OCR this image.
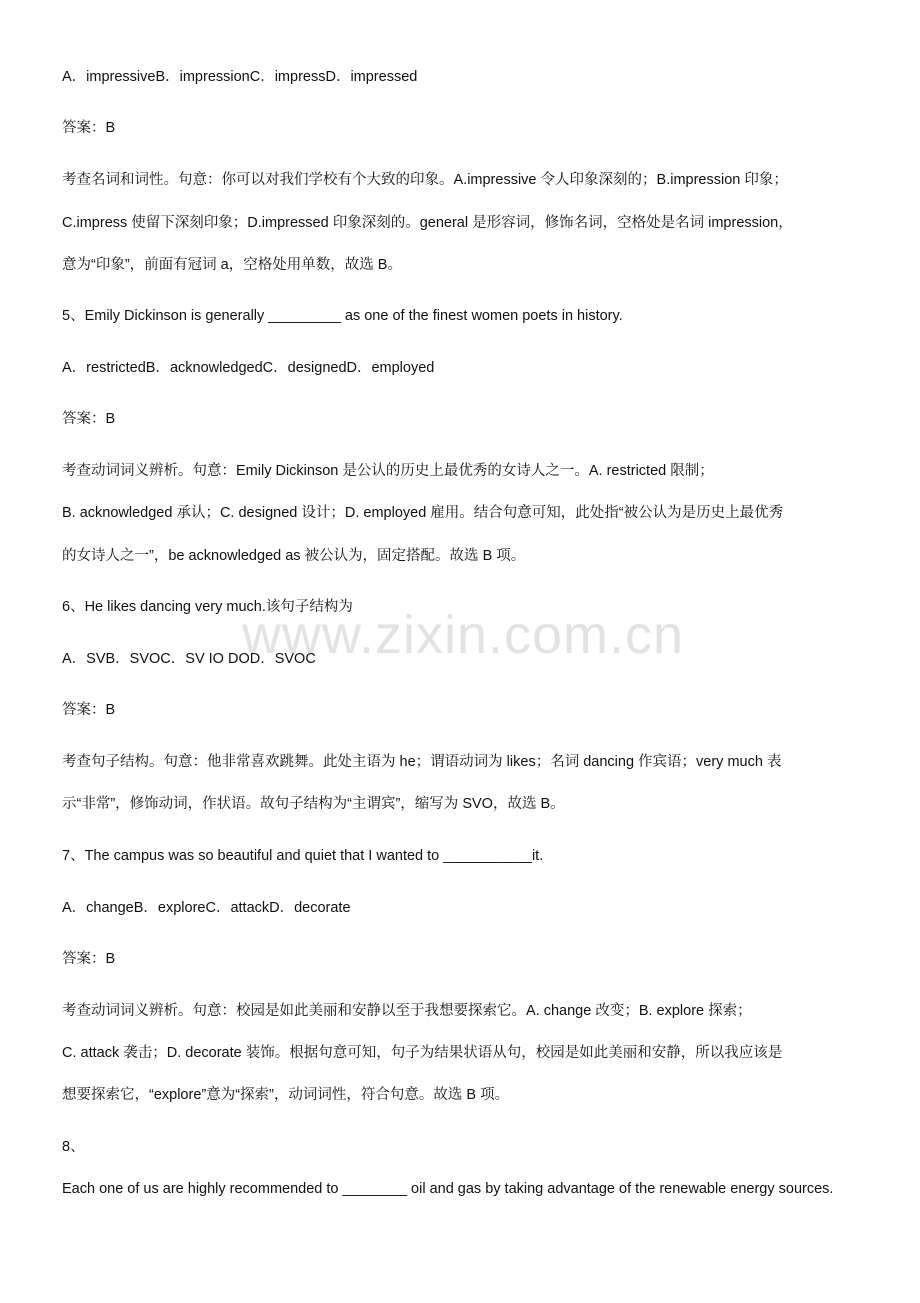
www.zixin.com.cn
A．impressiveB．impressionC．impressD．impressed
答案：B
考查名词和词性。句意：你可以对我们学校有个大致的印象。A.impressive 令人印象深刻的；B.impression 印象；
C.impress 使留下深刻印象；D.impressed 印象深刻的。general 是形容词，修饰名词，空格处是名词 impression，
意为“印象”，前面有冠词 a，空格处用单数，故选 B。
5、Emily Dickinson is generally _________ as one of the finest women poets in history.
A．restrictedB．acknowledgedC．designedD．employed
答案：B
考查动词词义辨析。句意：Emily Dickinson 是公认的历史上最优秀的女诗人之一。A. restricted 限制；
B. acknowledged 承认；C. designed 设计；D. employed 雇用。结合句意可知，此处指“被公认为是历史上最优秀
的女诗人之一”，be acknowledged as 被公认为，固定搭配。故选 B 项。
6、He likes dancing very much.该句子结构为
A．SVB．SVOC．SV IO DOD．SVOC
答案：B
考查句子结构。句意：他非常喜欢跳舞。此处主语为 he；谓语动词为 likes；名词 dancing 作宾语；very much 表
示“非常”，修饰动词，作状语。故句子结构为“主谓宾”，缩写为 SVO，故选 B。
7、The campus was so beautiful and quiet that I wanted to ___________it.
A．changeB．exploreC．attackD．decorate
答案：B
考查动词词义辨析。句意：校园是如此美丽和安静以至于我想要探索它。A. change 改变；B. explore 探索；
C. attack 袭击；D. decorate 装饰。根据句意可知，句子为结果状语从句，校园是如此美丽和安静，所以我应该是
想要探索它，“explore”意为“探索”，动词词性，符合句意。故选 B 项。
8、
Each one of us are highly recommended to ________ oil and gas by taking advantage of the renewable energy sources.
